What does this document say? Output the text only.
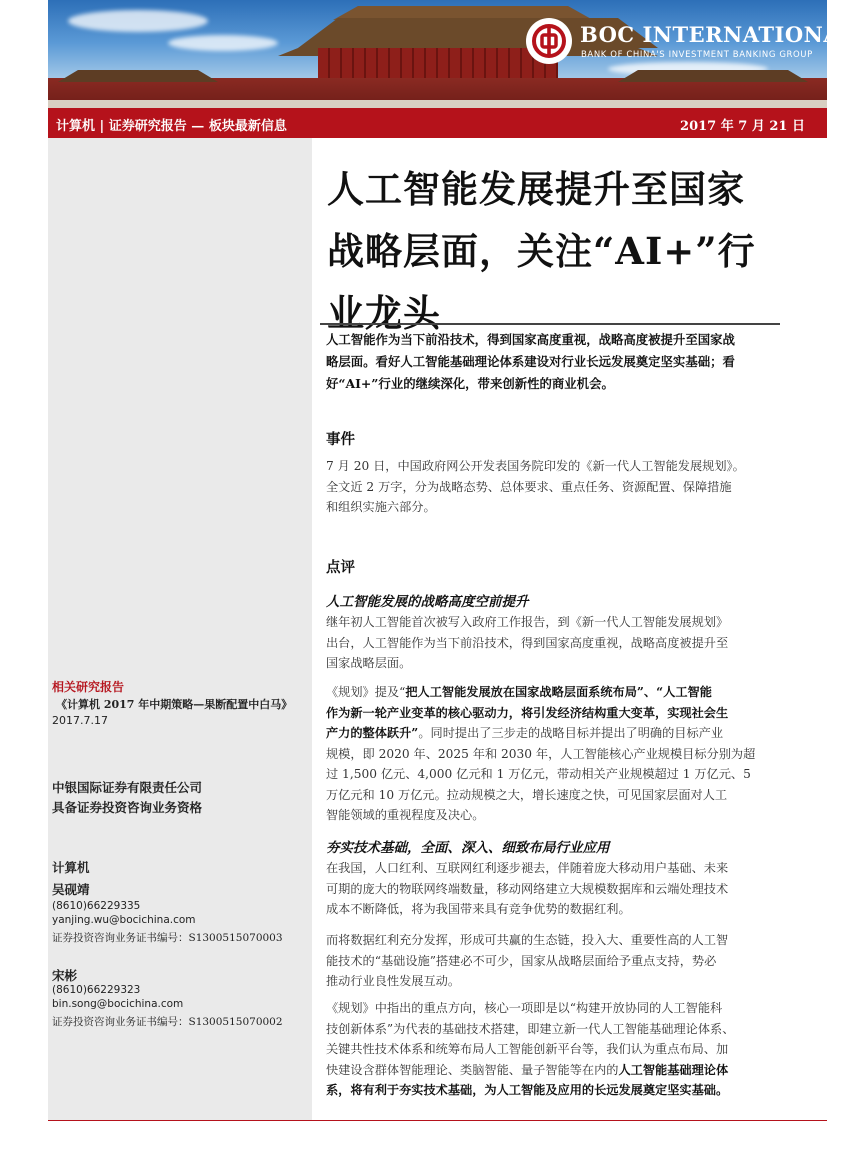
BOC INTERNATIONAL
BANK OF CHINA'S INVESTMENT BANKING GROUP
计算机 | 证券研究报告 — 板块最新信息	2017 年 7 月 21 日
相关研究报告
《计算机 2017 年中期策略—果断配置中白马》
2017.7.17
中银国际证券有限责任公司
具备证券投资咨询业务资格
计算机
吴砚靖
(8610)66229335
yanjing.wu@bocichina.com
证券投资咨询业务证书编号：S1300515070003
宋彬
(8610)66229323
bin.song@bocichina.com
证券投资咨询业务证书编号：S1300515070002
人工智能发展提升至国家
战略层面，关注“AI+”行
业龙头
人工智能作为当下前沿技术，得到国家高度重视，战略高度被提升至国家战
略层面。看好人工智能基础理论体系建设对行业长远发展奠定坚实基础；看
好“AI+”行业的继续深化，带来创新性的商业机会。
事件
7 月 20 日，中国政府网公开发表国务院印发的《新一代人工智能发展规划》。
全文近 2 万字，分为战略态势、总体要求、重点任务、资源配置、保障措施
和组织实施六部分。
点评
人工智能发展的战略高度空前提升
继年初人工智能首次被写入政府工作报告，到《新一代人工智能发展规划》
出台，人工智能作为当下前沿技术，得到国家高度重视，战略高度被提升至
国家战略层面。
《规划》提及“把人工智能发展放在国家战略层面系统布局”、“人工智能
作为新一轮产业变革的核心驱动力，将引发经济结构重大变革，实现社会生
产力的整体跃升”。同时提出了三步走的战略目标并提出了明确的目标产业
规模，即 2020 年、2025 年和 2030 年，人工智能核心产业规模目标分别为超
过 1,500 亿元、4,000 亿元和 1 万亿元，带动相关产业规模超过 1 万亿元、5
万亿元和 10 万亿元。拉动规模之大，增长速度之快，可见国家层面对人工
智能领域的重视程度及决心。
夯实技术基础，全面、深入、细致布局行业应用
在我国，人口红利、互联网红利逐步褪去，伴随着庞大移动用户基础、未来
可期的庞大的物联网终端数量，移动网络建立大规模数据库和云端处理技术
成本不断降低，将为我国带来具有竞争优势的数据红利。
而将数据红利充分发挥，形成可共赢的生态链，投入大、重要性高的人工智
能技术的“基础设施”搭建必不可少，国家从战略层面给予重点支持，势必
推动行业良性发展互动。
《规划》中指出的重点方向，核心一项即是以“构建开放协同的人工智能科
技创新体系”为代表的基础技术搭建，即建立新一代人工智能基础理论体系、
关键共性技术体系和统筹布局人工智能创新平台等，我们认为重点布局、加
快建设含群体智能理论、类脑智能、量子智能等在内的人工智能基础理论体
系，将有利于夯实技术基础，为人工智能及应用的长远发展奠定坚实基础。
